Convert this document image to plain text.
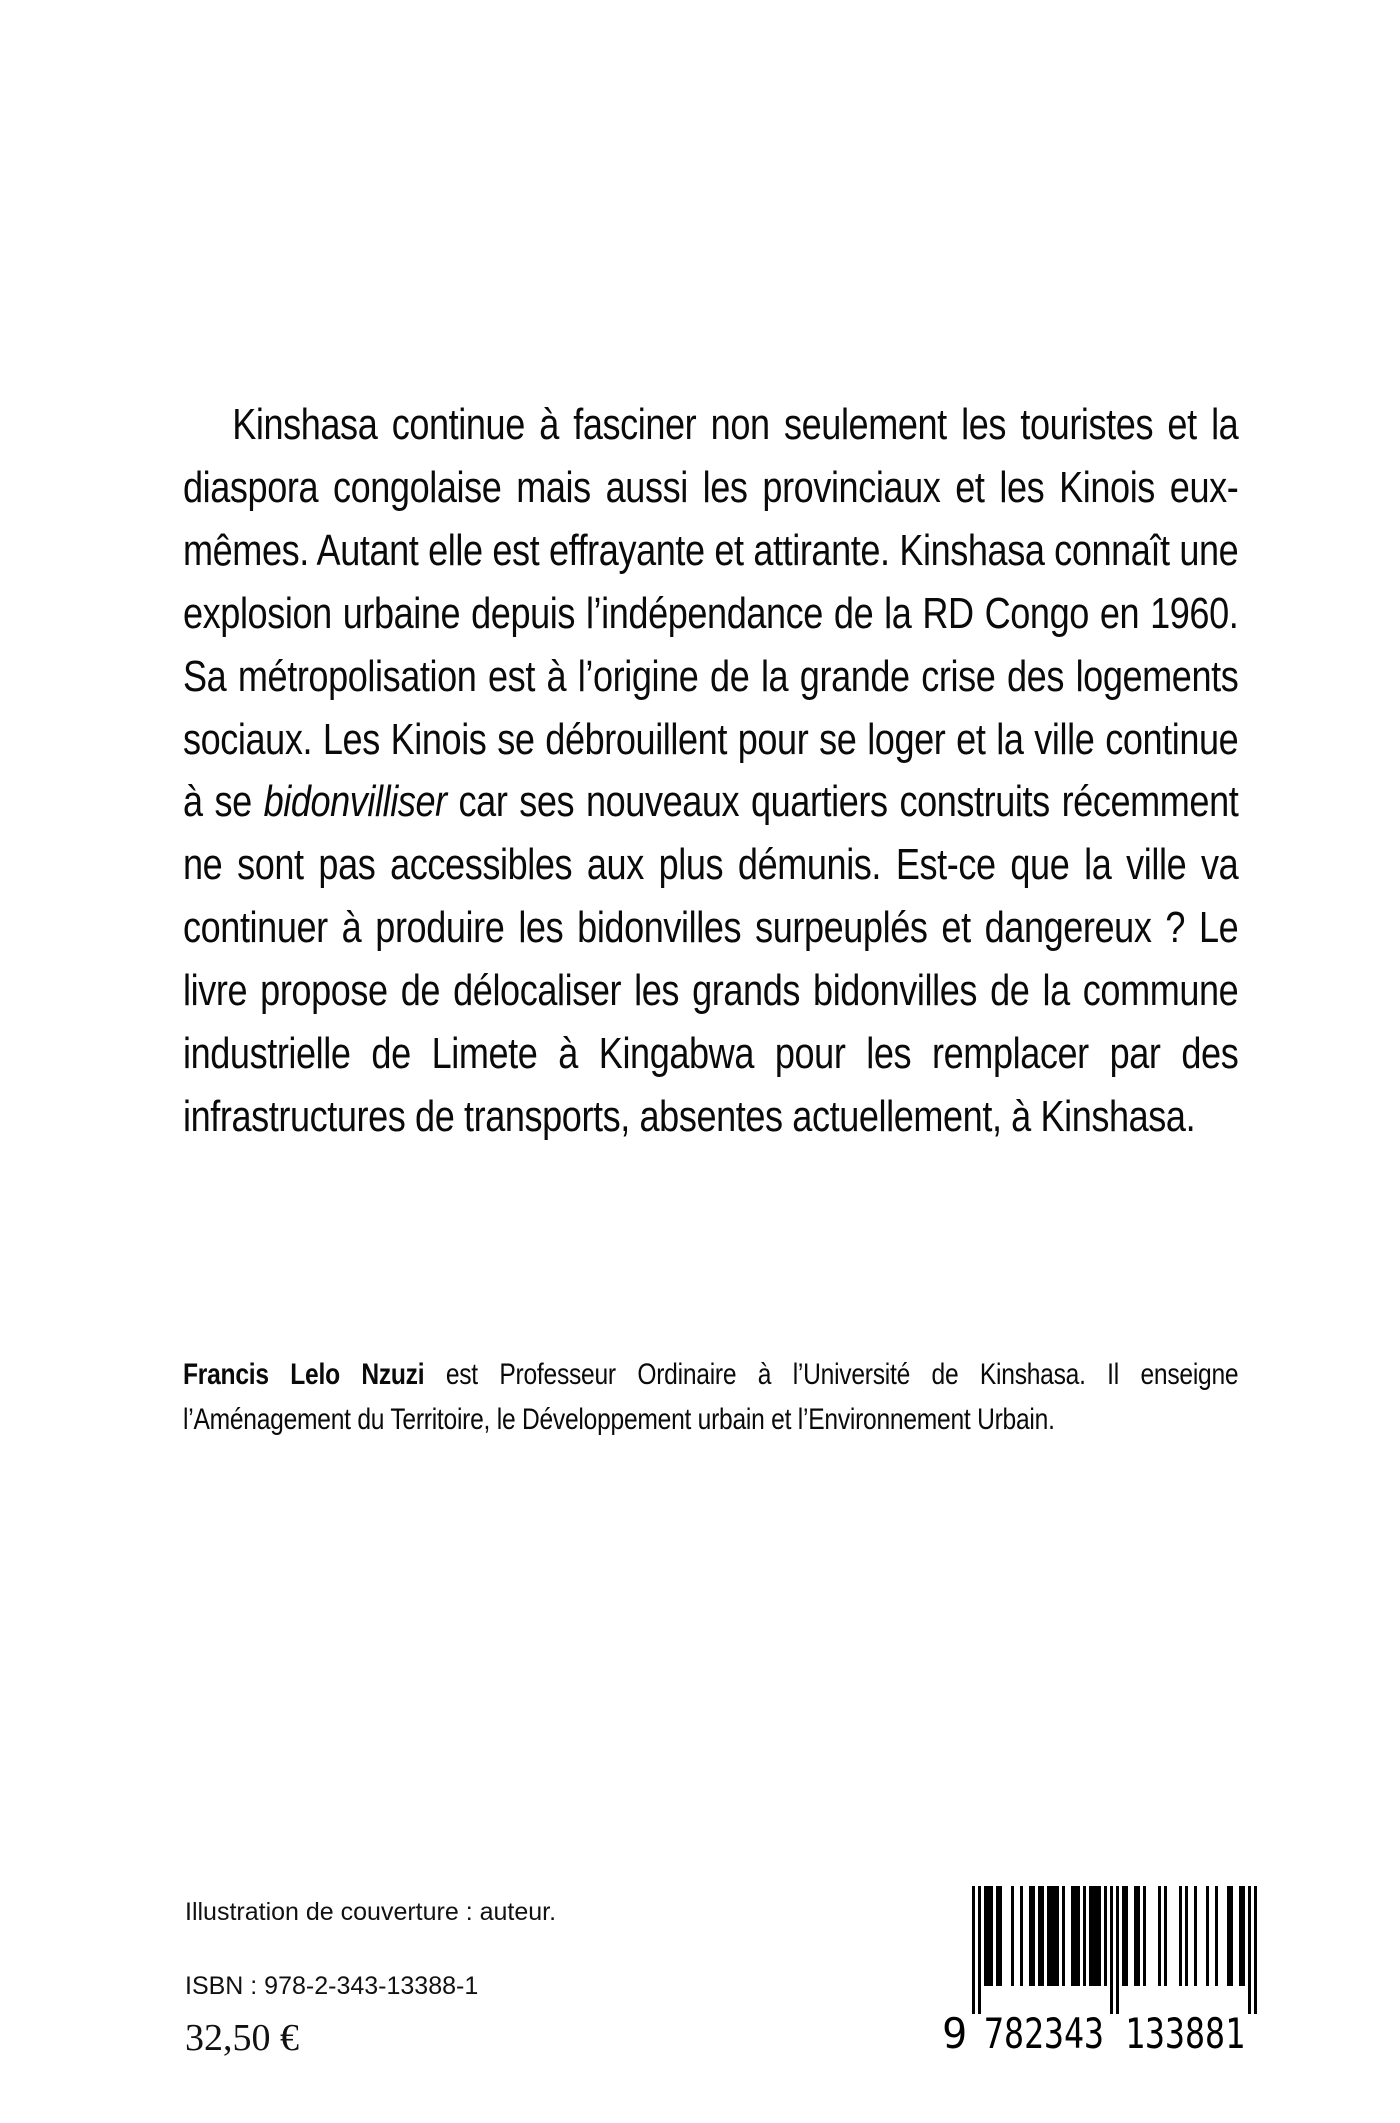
Kinshasa continue à fasciner non seulement les touristes et la diaspora congolaise mais aussi les provinciaux et les Kinois eux-mêmes. Autant elle est effrayante et attirante. Kinshasa connaît une explosion urbaine depuis l’indépendance de la RD Congo en 1960. Sa métropolisation est à l’origine de la grande crise des logements sociaux. Les Kinois se débrouillent pour se loger et la ville continue à se bidonvilliser car ses nouveaux quartiers construits récemment ne sont pas accessibles aux plus démunis. Est-ce que la ville va continuer à produire les bidonvilles surpeuplés et dangereux ? Le livre propose de délocaliser les grands bidonvilles de la commune industrielle de Limete à Kingabwa pour les remplacer par des infrastructures de transports, absentes actuellement, à Kinshasa.

Francis Lelo Nzuzi est Professeur Ordinaire à l’Université de Kinshasa. Il enseigne l’Aménagement du Territoire, le Développement urbain et l’Environnement Urbain.

Illustration de couverture : auteur.
ISBN : 978-2-343-13388-1
32,50 €	9 782343 133881
